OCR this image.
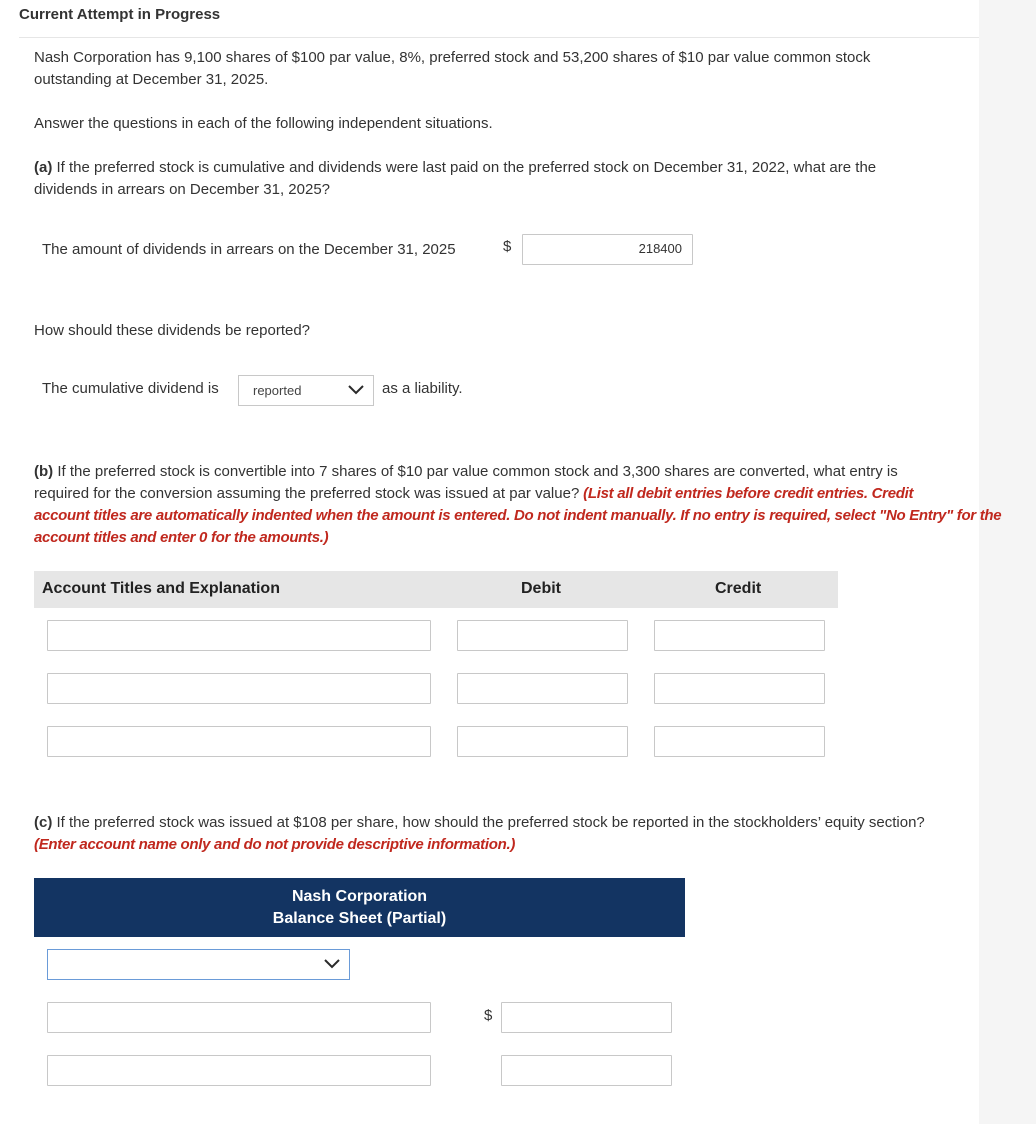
Current Attempt in Progress
Nash Corporation has 9,100 shares of $100 par value, 8%, preferred stock and 53,200 shares of $10 par value common stock
outstanding at December 31, 2025.
Answer the questions in each of the following independent situations.
(a) If the preferred stock is cumulative and dividends were last paid on the preferred stock on December 31, 2022, what are the
dividends in arrears on December 31, 2025?
The amount of dividends in arrears on the December 31, 2025	$	218400
How should these dividends be reported?
The cumulative dividend is	reported	as a liability.
(b) If the preferred stock is convertible into 7 shares of $10 par value common stock and 3,300 shares are converted, what entry is
required for the conversion assuming the preferred stock was issued at par value? (List all debit entries before credit entries. Credit
account titles are automatically indented when the amount is entered. Do not indent manually. If no entry is required, select "No Entry" for the
account titles and enter 0 for the amounts.)
Account Titles and Explanation	Debit	Credit
(c) If the preferred stock was issued at $108 per share, how should the preferred stock be reported in the stockholders’ equity section?
(Enter account name only and do not provide descriptive information.)
Nash Corporation
Balance Sheet (Partial)
$
